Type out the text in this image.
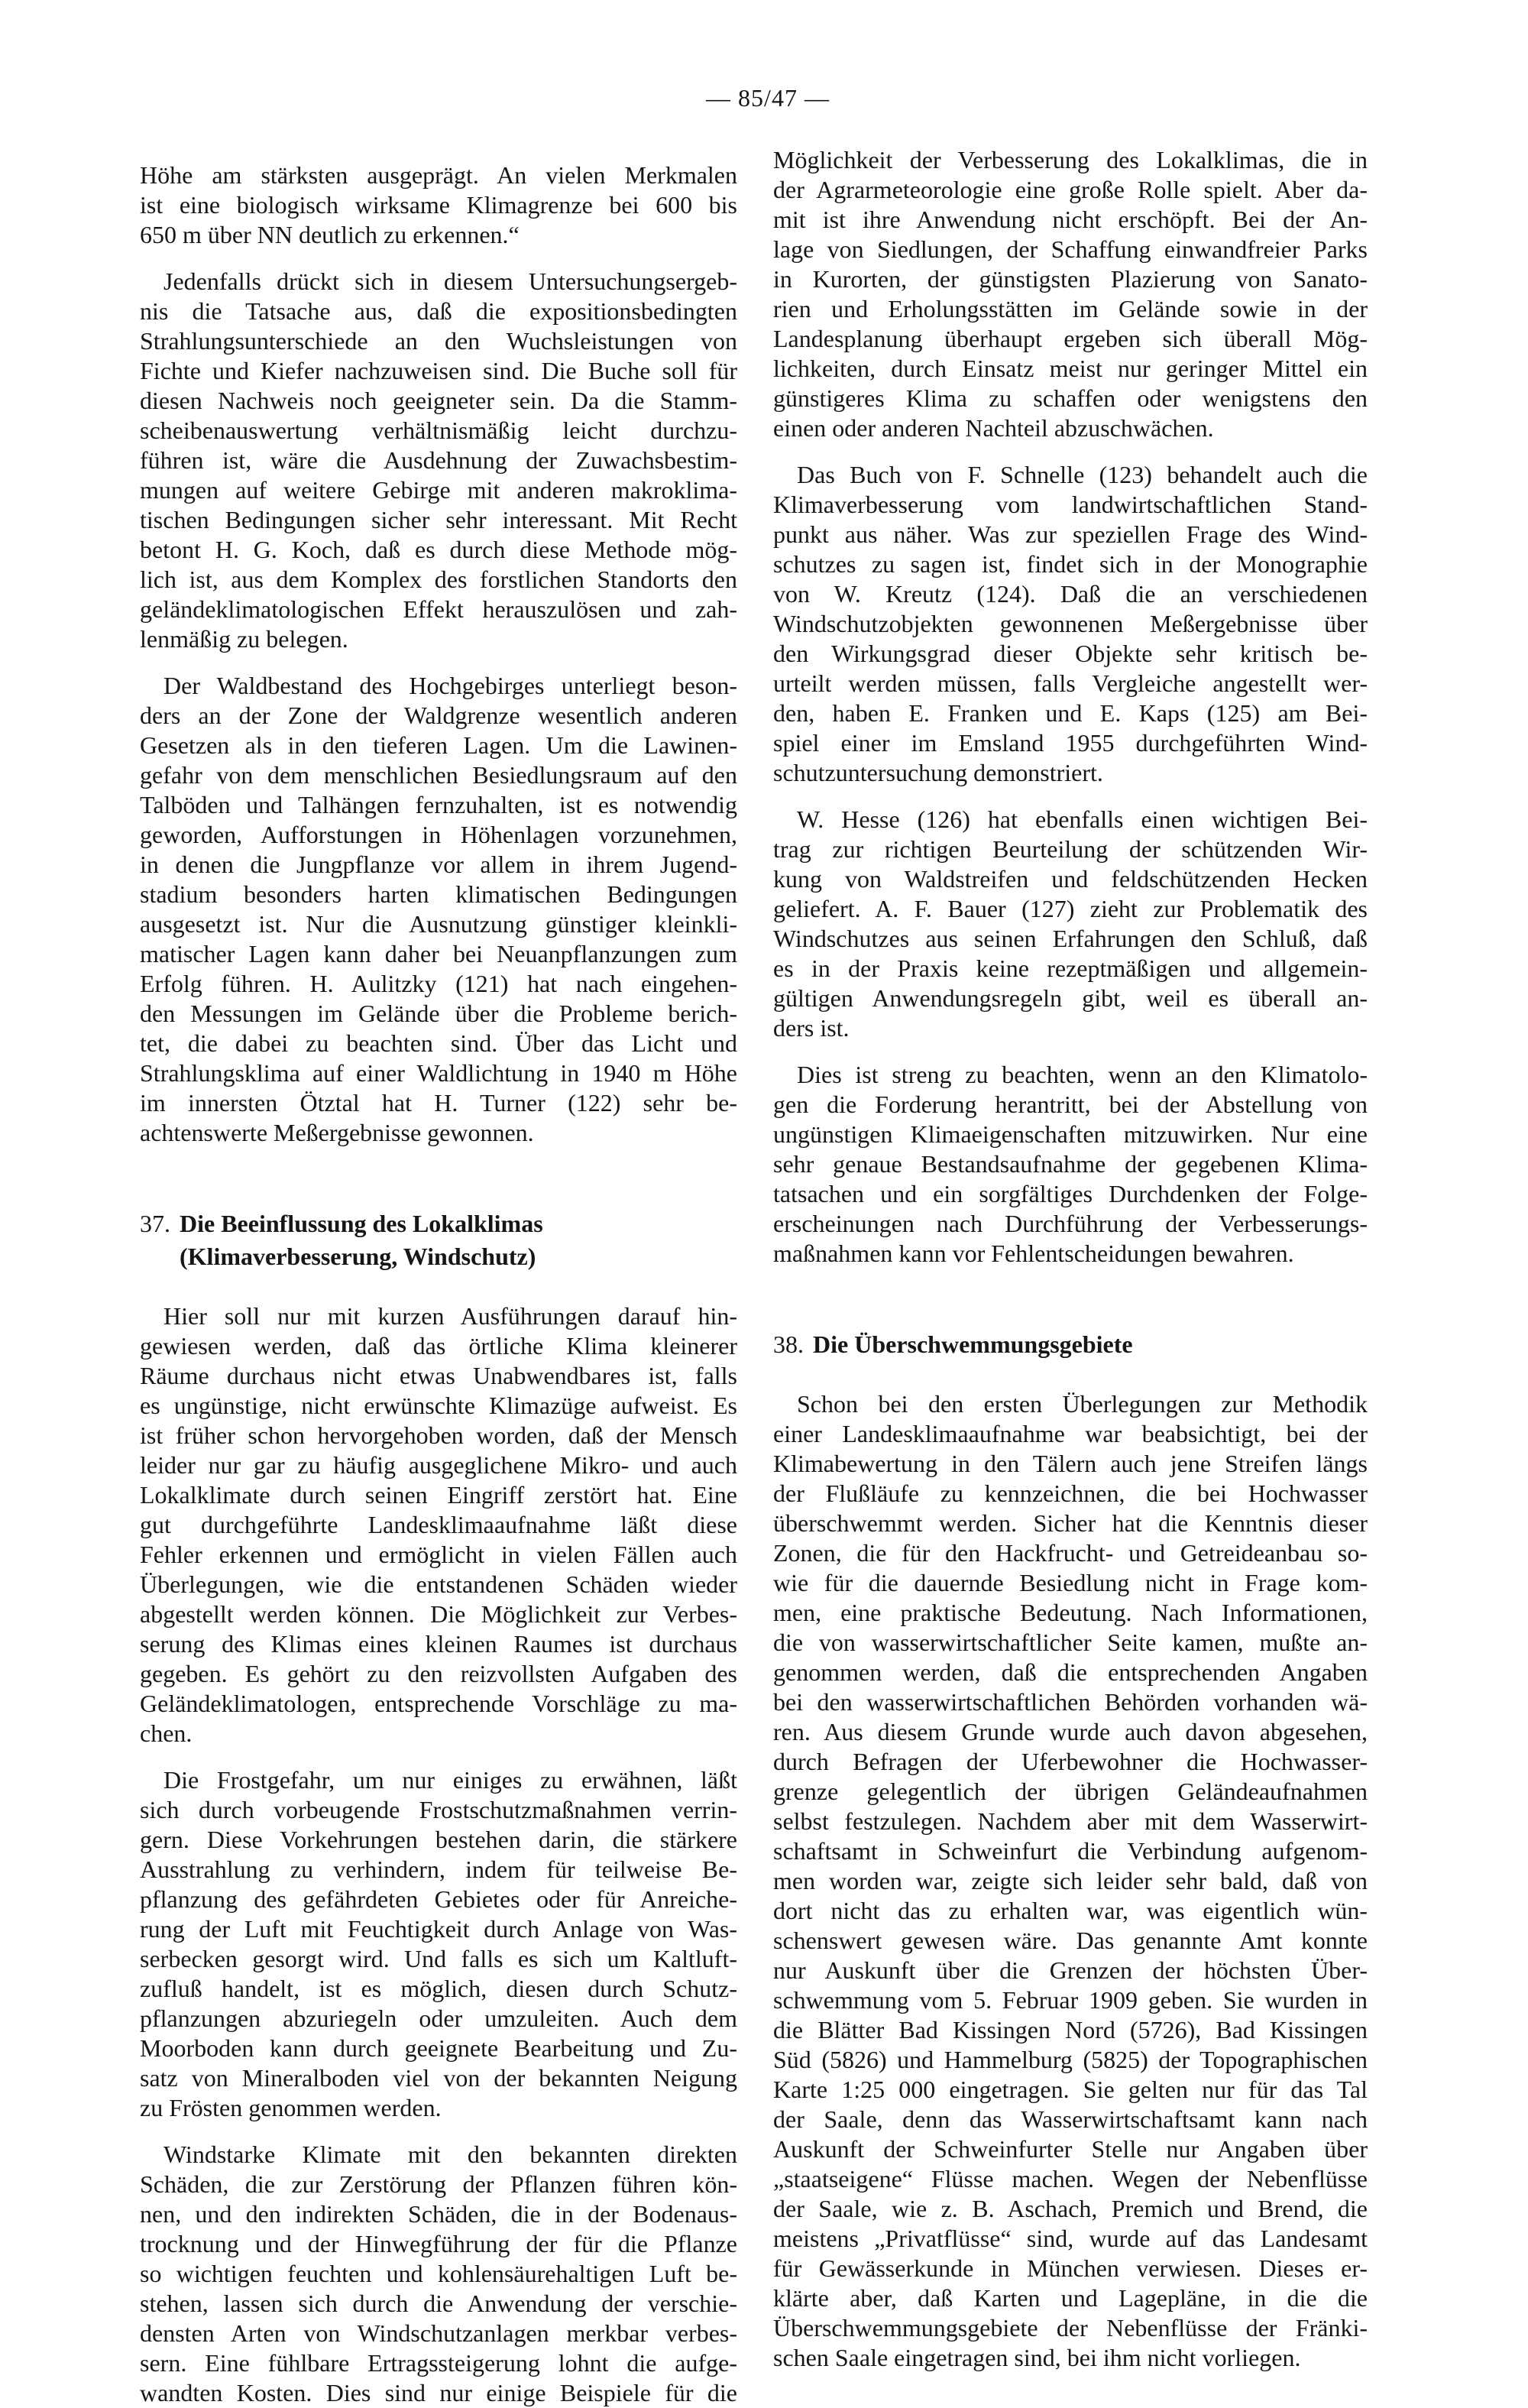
— 85/47 —
Höhe am stärksten ausgeprägt. An vielen Merkmalen
ist eine biologisch wirksame Klimagrenze bei 600 bis
650 m über NN deutlich zu erkennen.“
Jedenfalls drückt sich in diesem Untersuchungsergeb-
nis die Tatsache aus, daß die expositionsbedingten
Strahlungsunterschiede an den Wuchsleistungen von
Fichte und Kiefer nachzuweisen sind. Die Buche soll für
diesen Nachweis noch geeigneter sein. Da die Stamm-
scheibenauswertung verhältnismäßig leicht durchzu-
führen ist, wäre die Ausdehnung der Zuwachsbestim-
mungen auf weitere Gebirge mit anderen makroklima-
tischen Bedingungen sicher sehr interessant. Mit Recht
betont H. G. Koch, daß es durch diese Methode mög-
lich ist, aus dem Komplex des forstlichen Standorts den
geländeklimatologischen Effekt herauszulösen und zah-
lenmäßig zu belegen.
Der Waldbestand des Hochgebirges unterliegt beson-
ders an der Zone der Waldgrenze wesentlich anderen
Gesetzen als in den tieferen Lagen. Um die Lawinen-
gefahr von dem menschlichen Besiedlungsraum auf den
Talböden und Talhängen fernzuhalten, ist es notwendig
geworden, Aufforstungen in Höhenlagen vorzunehmen,
in denen die Jungpflanze vor allem in ihrem Jugend-
stadium besonders harten klimatischen Bedingungen
ausgesetzt ist. Nur die Ausnutzung günstiger kleinkli-
matischer Lagen kann daher bei Neuanpflanzungen zum
Erfolg führen. H. Aulitzky (121) hat nach eingehen-
den Messungen im Gelände über die Probleme berich-
tet, die dabei zu beachten sind. Über das Licht und
Strahlungsklima auf einer Waldlichtung in 1940 m Höhe
im innersten Ötztal hat H. Turner (122) sehr be-
achtenswerte Meßergebnisse gewonnen.
37. Die Beeinflussung des Lokalklimas
(Klimaverbesserung, Windschutz)
Hier soll nur mit kurzen Ausführungen darauf hin-
gewiesen werden, daß das örtliche Klima kleinerer
Räume durchaus nicht etwas Unabwendbares ist, falls
es ungünstige, nicht erwünschte Klimazüge aufweist. Es
ist früher schon hervorgehoben worden, daß der Mensch
leider nur gar zu häufig ausgeglichene Mikro- und auch
Lokalklimate durch seinen Eingriff zerstört hat. Eine
gut durchgeführte Landesklimaaufnahme läßt diese
Fehler erkennen und ermöglicht in vielen Fällen auch
Überlegungen, wie die entstandenen Schäden wieder
abgestellt werden können. Die Möglichkeit zur Verbes-
serung des Klimas eines kleinen Raumes ist durchaus
gegeben. Es gehört zu den reizvollsten Aufgaben des
Geländeklimatologen, entsprechende Vorschläge zu ma-
chen.
Die Frostgefahr, um nur einiges zu erwähnen, läßt
sich durch vorbeugende Frostschutzmaßnahmen verrin-
gern. Diese Vorkehrungen bestehen darin, die stärkere
Ausstrahlung zu verhindern, indem für teilweise Be-
pflanzung des gefährdeten Gebietes oder für Anreiche-
rung der Luft mit Feuchtigkeit durch Anlage von Was-
serbecken gesorgt wird. Und falls es sich um Kaltluft-
zufluß handelt, ist es möglich, diesen durch Schutz-
pflanzungen abzuriegeln oder umzuleiten. Auch dem
Moorboden kann durch geeignete Bearbeitung und Zu-
satz von Mineralboden viel von der bekannten Neigung
zu Frösten genommen werden.
Windstarke Klimate mit den bekannten direkten
Schäden, die zur Zerstörung der Pflanzen führen kön-
nen, und den indirekten Schäden, die in der Bodenaus-
trocknung und der Hinwegführung der für die Pflanze
so wichtigen feuchten und kohlensäurehaltigen Luft be-
stehen, lassen sich durch die Anwendung der verschie-
densten Arten von Windschutzanlagen merkbar verbes-
sern. Eine fühlbare Ertragssteigerung lohnt die aufge-
wandten Kosten. Dies sind nur einige Beispiele für die
Möglichkeit der Verbesserung des Lokalklimas, die in
der Agrarmeteorologie eine große Rolle spielt. Aber da-
mit ist ihre Anwendung nicht erschöpft. Bei der An-
lage von Siedlungen, der Schaffung einwandfreier Parks
in Kurorten, der günstigsten Plazierung von Sanato-
rien und Erholungsstätten im Gelände sowie in der
Landesplanung überhaupt ergeben sich überall Mög-
lichkeiten, durch Einsatz meist nur geringer Mittel ein
günstigeres Klima zu schaffen oder wenigstens den
einen oder anderen Nachteil abzuschwächen.
Das Buch von F. Schnelle (123) behandelt auch die
Klimaverbesserung vom landwirtschaftlichen Stand-
punkt aus näher. Was zur speziellen Frage des Wind-
schutzes zu sagen ist, findet sich in der Monographie
von W. Kreutz (124). Daß die an verschiedenen
Windschutzobjekten gewonnenen Meßergebnisse über
den Wirkungsgrad dieser Objekte sehr kritisch be-
urteilt werden müssen, falls Vergleiche angestellt wer-
den, haben E. Franken und E. Kaps (125) am Bei-
spiel einer im Emsland 1955 durchgeführten Wind-
schutzuntersuchung demonstriert.
W. Hesse (126) hat ebenfalls einen wichtigen Bei-
trag zur richtigen Beurteilung der schützenden Wir-
kung von Waldstreifen und feldschützenden Hecken
geliefert. A. F. Bauer (127) zieht zur Problematik des
Windschutzes aus seinen Erfahrungen den Schluß, daß
es in der Praxis keine rezeptmäßigen und allgemein-
gültigen Anwendungsregeln gibt, weil es überall an-
ders ist.
Dies ist streng zu beachten, wenn an den Klimatolo-
gen die Forderung herantritt, bei der Abstellung von
ungünstigen Klimaeigenschaften mitzuwirken. Nur eine
sehr genaue Bestandsaufnahme der gegebenen Klima-
tatsachen und ein sorgfältiges Durchdenken der Folge-
erscheinungen nach Durchführung der Verbesserungs-
maßnahmen kann vor Fehlentscheidungen bewahren.
38. Die Überschwemmungsgebiete
Schon bei den ersten Überlegungen zur Methodik
einer Landesklimaaufnahme war beabsichtigt, bei der
Klimabewertung in den Tälern auch jene Streifen längs
der Flußläufe zu kennzeichnen, die bei Hochwasser
überschwemmt werden. Sicher hat die Kenntnis dieser
Zonen, die für den Hackfrucht- und Getreideanbau so-
wie für die dauernde Besiedlung nicht in Frage kom-
men, eine praktische Bedeutung. Nach Informationen,
die von wasserwirtschaftlicher Seite kamen, mußte an-
genommen werden, daß die entsprechenden Angaben
bei den wasserwirtschaftlichen Behörden vorhanden wä-
ren. Aus diesem Grunde wurde auch davon abgesehen,
durch Befragen der Uferbewohner die Hochwasser-
grenze gelegentlich der übrigen Geländeaufnahmen
selbst festzulegen. Nachdem aber mit dem Wasserwirt-
schaftsamt in Schweinfurt die Verbindung aufgenom-
men worden war, zeigte sich leider sehr bald, daß von
dort nicht das zu erhalten war, was eigentlich wün-
schenswert gewesen wäre. Das genannte Amt konnte
nur Auskunft über die Grenzen der höchsten Über-
schwemmung vom 5. Februar 1909 geben. Sie wurden in
die Blätter Bad Kissingen Nord (5726), Bad Kissingen
Süd (5826) und Hammelburg (5825) der Topographischen
Karte 1:25 000 eingetragen. Sie gelten nur für das Tal
der Saale, denn das Wasserwirtschaftsamt kann nach
Auskunft der Schweinfurter Stelle nur Angaben über
„staatseigene“ Flüsse machen. Wegen der Nebenflüsse
der Saale, wie z. B. Aschach, Premich und Brend, die
meistens „Privatflüsse“ sind, wurde auf das Landesamt
für Gewässerkunde in München verwiesen. Dieses er-
klärte aber, daß Karten und Lagepläne, in die die
Überschwemmungsgebiete der Nebenflüsse der Fränki-
schen Saale eingetragen sind, bei ihm nicht vorliegen.
